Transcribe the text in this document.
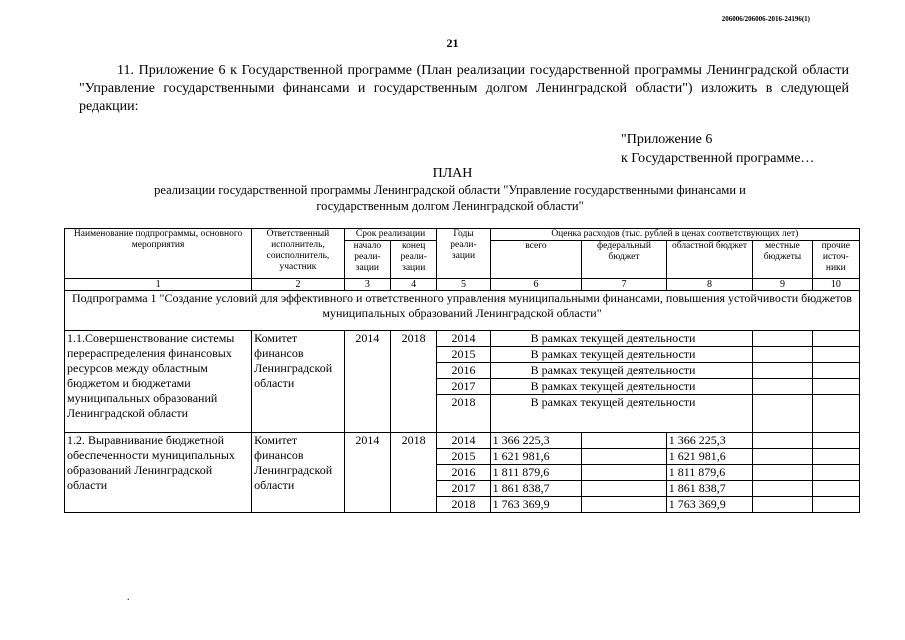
206006/206006-2016-24196(1)
21
11. Приложение 6 к Государственной программе (План реализации государственной программы Ленинградской области "Управление государственными финансами и государственным долгом Ленинградской области") изложить в следующей редакции:
"Приложение 6
к Государственной программе…
ПЛАН
реализации государственной программы Ленинградской области "Управление государственными финансами и государственным долгом Ленинградской области"
Наименование подпрограммы, основного мероприятия	Ответственный исполнитель, соисполнитель, участник	Срок реализации		Годы реали-зации	Оценка расходов (тыс. рублей в ценах соответствующих лет)				
		начало реали-зации	конец реали-зации		всего	федеральный бюджет	областной бюджет	местные бюджеты	прочие источ-ники
1	2	3	4	5	6	7	8	9	10
Подпрограмма 1 "Создание условий для эффективного и ответственного управления муниципальными финансами, повышения устойчивости бюджетов муниципальных образований Ленинградской области"									
1.1.Совершенствование системы перераспределения финансовых ресурсов между областным бюджетом и бюджетами муниципальных образований Ленинградской области	Комитет финансов Ленинградской области	2014	2018	2014	В рамках текущей деятельности				
				2015	В рамках текущей деятельности				
				2016	В рамках текущей деятельности				
				2017	В рамках текущей деятельности				
				2018	В рамках текущей деятельности				
1.2. Выравнивание бюджетной обеспеченности муниципальных образований Ленинградской области	Комитет финансов Ленинградской области	2014	2018	2014	1 366 225,3		1 366 225,3		
				2015	1 621 981,6		1 621 981,6		
				2016	1 811 879,6		1 811 879,6		
				2017	1 861 838,7		1 861 838,7		
				2018	1 763 369,9		1 763 369,9		
.
